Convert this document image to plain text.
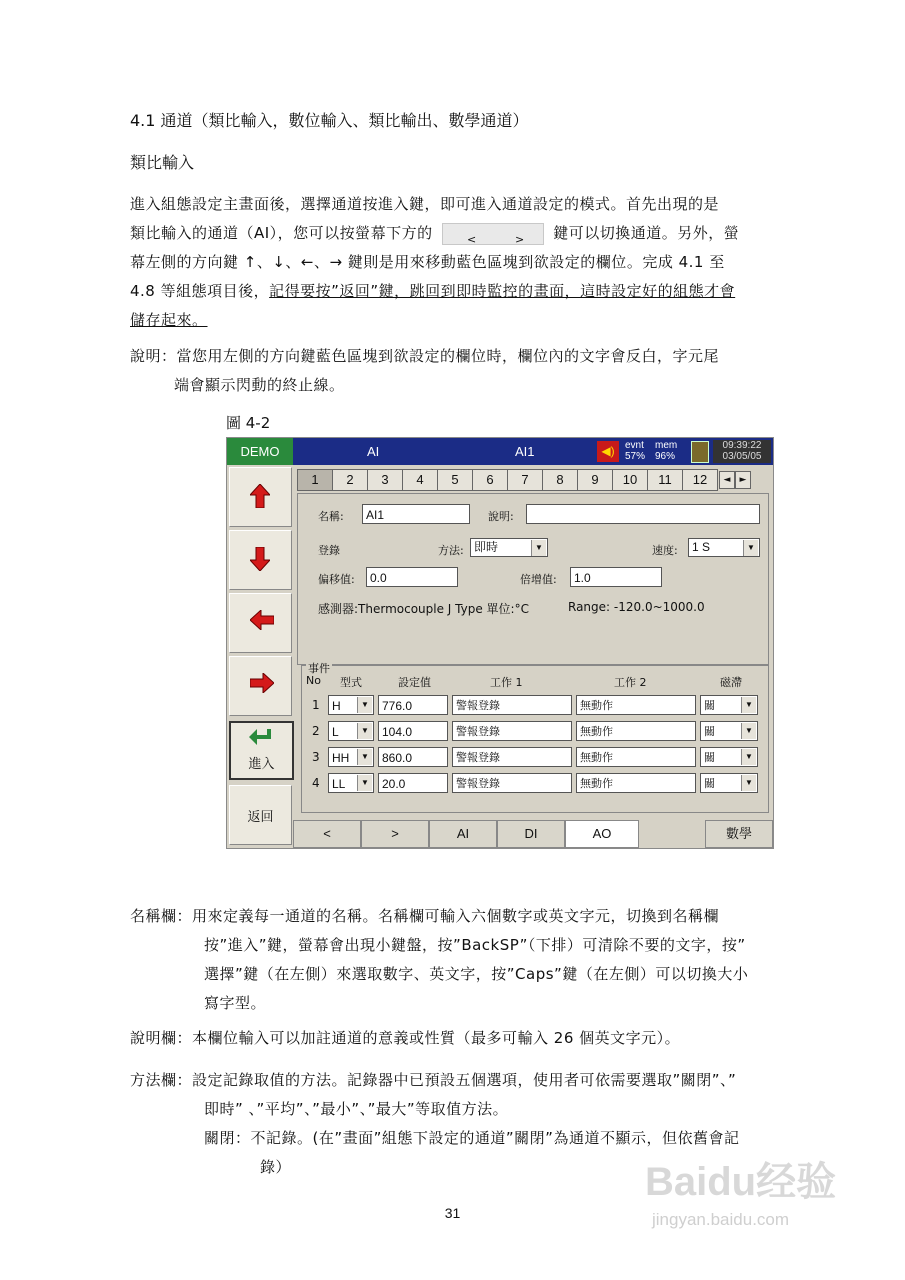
4.1 通道（類比輸入，數位輸入、類比輸出、數學通道）
類比輸入
進入組態設定主畫面後，選擇通道按進入鍵，即可進入通道設定的模式。首先出現的是
類比輸入的通道（AI），您可以按螢幕下方的	<	> 鍵可以切換通道。另外，螢
幕左側的方向鍵 ↑、↓、←、→ 鍵則是用來移動藍色區塊到欲設定的欄位。完成 4.1 至
4.8 等組態項目後，記得要按”返回”鍵，跳回到即時監控的畫面，這時設定好的組態才會
儲存起來。
說明：當您用左側的方向鍵藍色區塊到欲設定的欄位時，欄位內的文字會反白，字元尾
端會顯示閃動的終止線。
圖 4-2
DEMO	AI	AI1	◀)	evnt
57%
mem
96%
09:39:22
03/05/05
進入
返回
1	2	3	4	5	6	7	8	9	10	11	12	◄	►
名稱:	AI1	說明:
登錄	方法: 即時	▼	速度:	1 S	▼
偏移值:	0.0	倍增值:	1.0
感測器:Thermocouple J Type 單位:°C	Range: -120.0~1000.0
事件
No 型式	設定值	工作 1	工作 2	磁滯
1	H	▼	776.0	警報登錄	無動作	關	▼
2	L	▼	104.0	警報登錄	無動作	關	▼
3	HH	▼	860.0	警報登錄	無動作	關	▼
4	LL	▼	20.0	警報登錄	無動作	關	▼
<	>	AI	DI	AO	數學
名稱欄：用來定義每一通道的名稱。名稱欄可輸入六個數字或英文字元，切換到名稱欄
按”進入”鍵，螢幕會出現小鍵盤，按”BackSP”（下排）可清除不要的文字，按”
選擇”鍵（在左側）來選取數字、英文字，按”Caps”鍵（在左側）可以切換大小
寫字型。
說明欄：本欄位輸入可以加註通道的意義或性質（最多可輸入 26 個英文字元）。
方法欄：設定記錄取值的方法。記錄器中已預設五個選項，使用者可依需要選取”關閉”、”
即時” 、”平均”、”最小”、”最大”等取值方法。
關閉：不記錄。(在”畫面”組態下設定的通道”關閉”為通道不顯示，但依舊會記
錄）
31
Baidu经验
jingyan.baidu.com
